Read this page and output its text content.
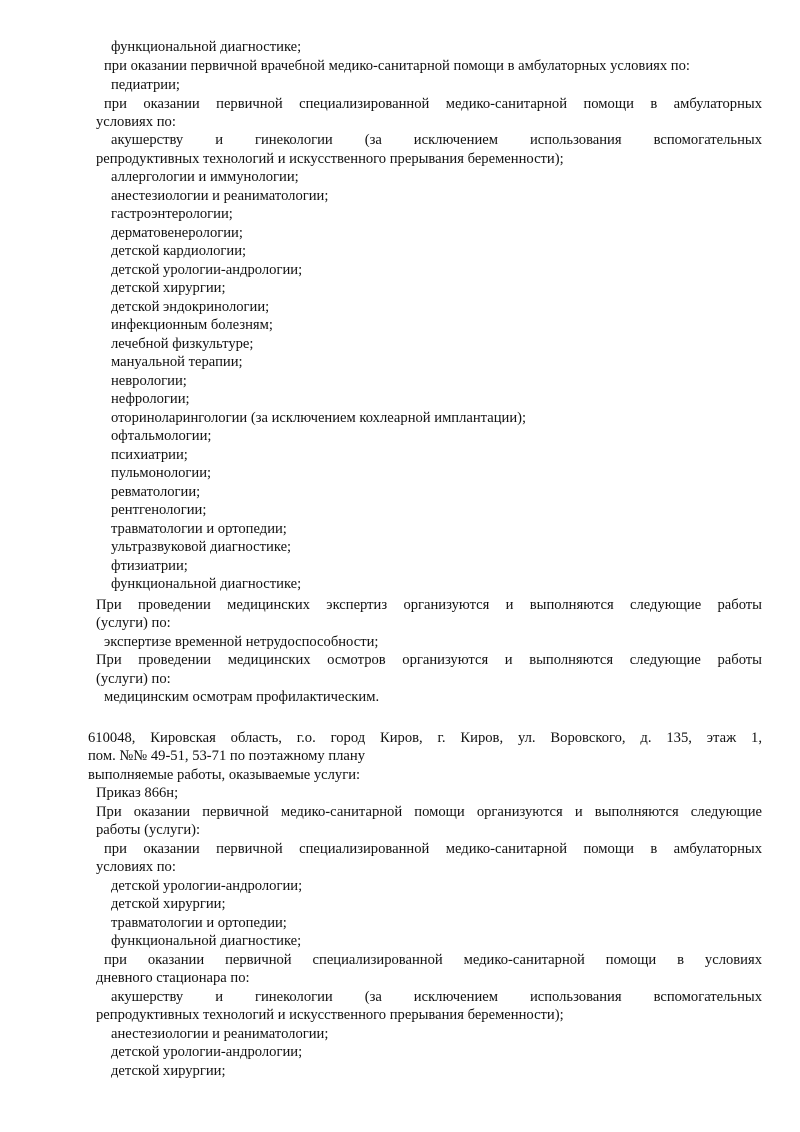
функциональной диагностике;
при оказании первичной врачебной медико-санитарной помощи в амбулаторных условиях по:
педиатрии;
при оказании первичной специализированной медико-санитарной помощи в амбулаторных
условиях по:
акушерству и гинекологии (за исключением использования вспомогательных
репродуктивных технологий и искусственного прерывания беременности);
аллергологии и иммунологии;
анестезиологии и реаниматологии;
гастроэнтерологии;
дерматовенерологии;
детской кардиологии;
детской урологии-андрологии;
детской хирургии;
детской эндокринологии;
инфекционным болезням;
лечебной физкультуре;
мануальной терапии;
неврологии;
нефрологии;
оториноларингологии (за исключением кохлеарной имплантации);
офтальмологии;
психиатрии;
пульмонологии;
ревматологии;
рентгенологии;
травматологии и ортопедии;
ультразвуковой диагностике;
фтизиатрии;
функциональной диагностике;
При проведении медицинских экспертиз организуются и выполняются следующие работы
(услуги) по:
экспертизе временной нетрудоспособности;
При проведении медицинских осмотров организуются и выполняются следующие работы
(услуги) по:
медицинским осмотрам профилактическим.
610048, Кировская область, г.о. город Киров, г. Киров, ул. Воровского, д. 135, этаж 1,
пом. №№ 49-51, 53-71 по поэтажному плану
выполняемые работы, оказываемые услуги:
Приказ 866н;
При оказании первичной медико-санитарной помощи организуются и выполняются следующие
работы (услуги):
при оказании первичной специализированной медико-санитарной помощи в амбулаторных
условиях по:
детской урологии-андрологии;
детской хирургии;
травматологии и ортопедии;
функциональной диагностике;
при оказании первичной специализированной медико-санитарной помощи в условиях
дневного стационара по:
акушерству и гинекологии (за исключением использования вспомогательных
репродуктивных технологий и искусственного прерывания беременности);
анестезиологии и реаниматологии;
детской урологии-андрологии;
детской хирургии;
